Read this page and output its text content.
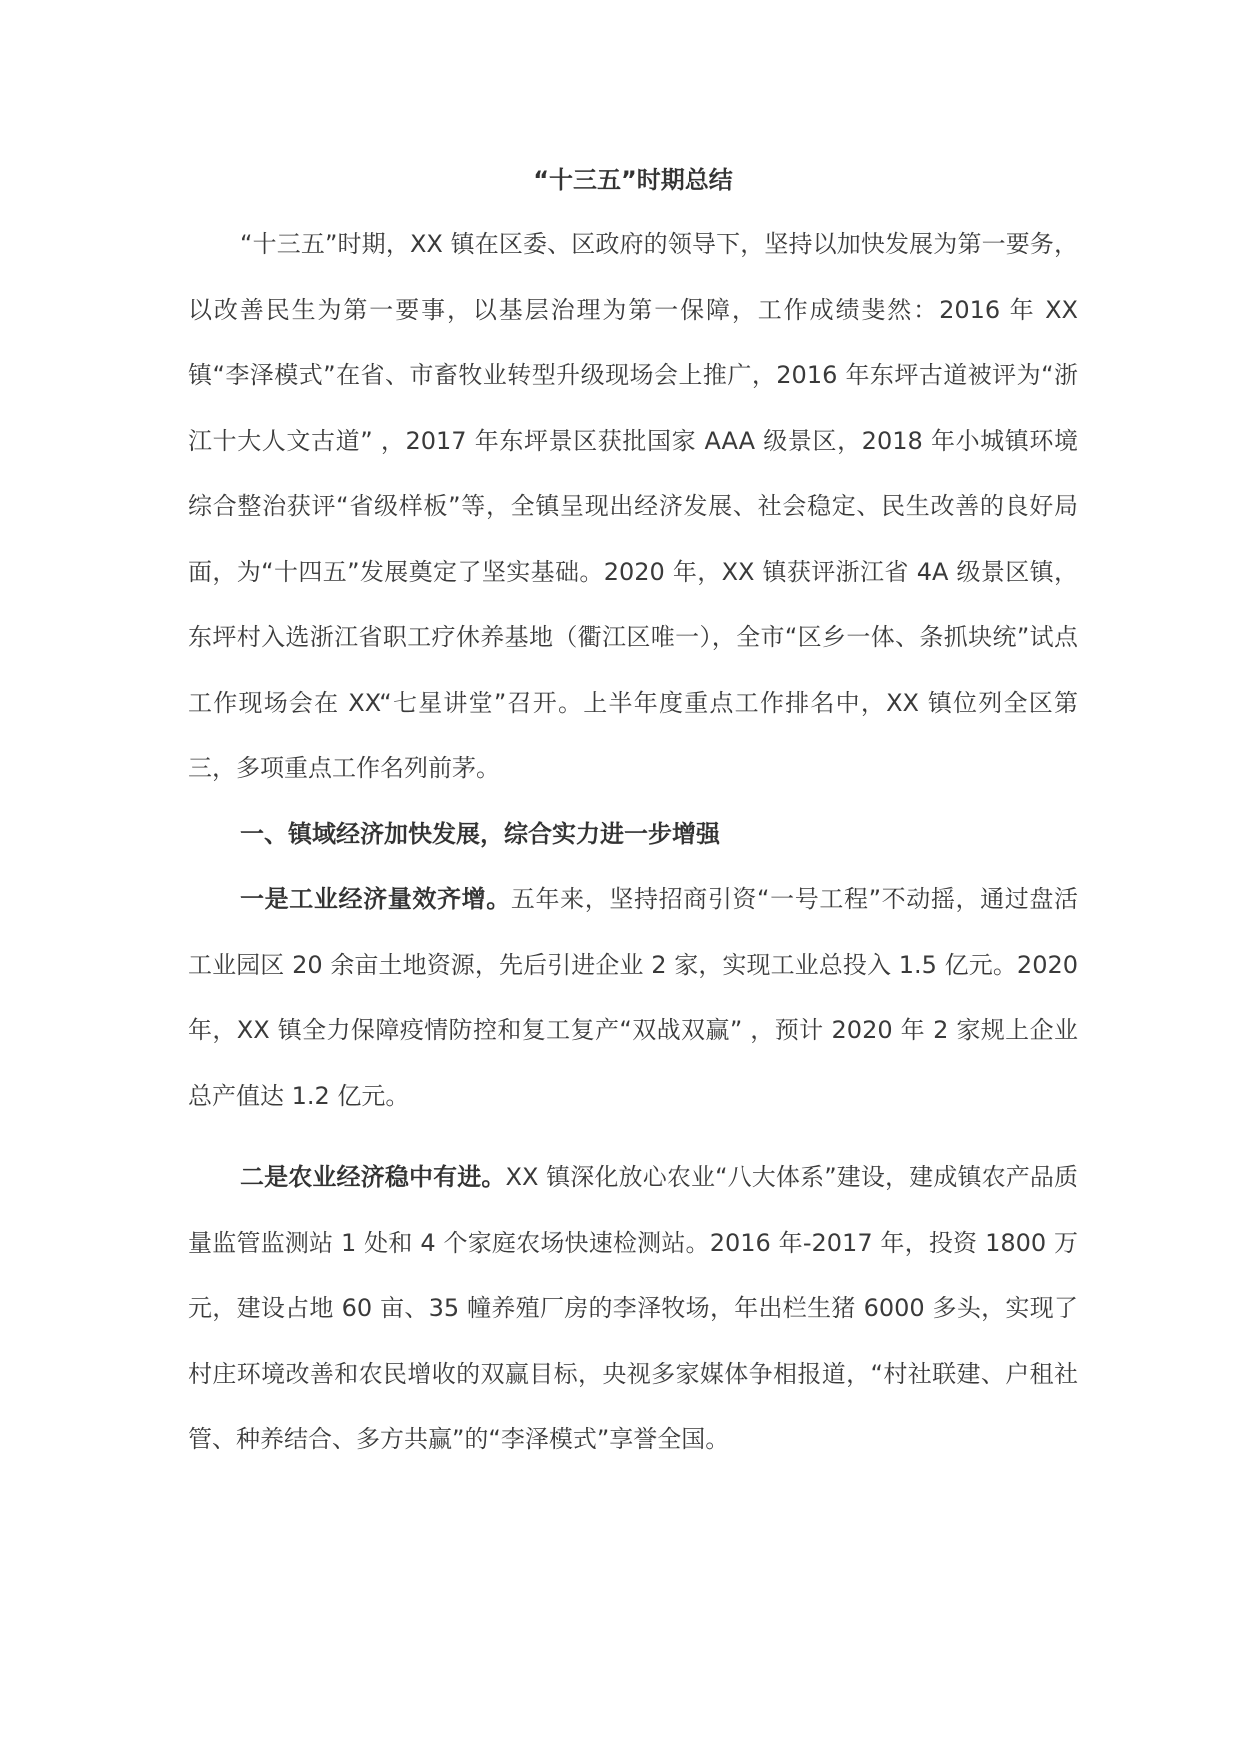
“十三五”时期总结

“十三五”时期，XX 镇在区委、区政府的领导下，坚持以加快发展为第一要务，以改善民生为第一要事，以基层治理为第一保障，工作成绩斐然：2016 年 XX 镇“李泽模式”在省、市畜牧业转型升级现场会上推广，2016 年东坪古道被评为“浙江十大人文古道” ，2017 年东坪景区获批国家 AAA 级景区，2018 年小城镇环境综合整治获评“省级样板”等，全镇呈现出经济发展、社会稳定、民生改善的良好局面，为“十四五”发展奠定了坚实基础。2020 年，XX 镇获评浙江省 4A 级景区镇，东坪村入选浙江省职工疗休养基地（衢江区唯一），全市“区乡一体、条抓块统”试点工作现场会在 XX“七星讲堂”召开。上半年度重点工作排名中，XX 镇位列全区第三，多项重点工作名列前茅。

一、镇域经济加快发展，综合实力进一步增强

一是工业经济量效齐增。五年来，坚持招商引资“一号工程”不动摇，通过盘活工业园区 20 余亩土地资源，先后引进企业 2 家，实现工业总投入 1.5 亿元。2020 年，XX 镇全力保障疫情防控和复工复产“双战双赢” ，预计 2020 年 2 家规上企业总产值达 1.2 亿元。

二是农业经济稳中有进。XX 镇深化放心农业“八大体系”建设，建成镇农产品质量监管监测站 1 处和 4 个家庭农场快速检测站。2016 年-2017 年，投资 1800 万元，建设占地 60 亩、35 幢养殖厂房的李泽牧场，年出栏生猪 6000 多头，实现了村庄环境改善和农民增收的双赢目标，央视多家媒体争相报道，“村社联建、户租社管、种养结合、多方共赢”的“李泽模式”享誉全国。
